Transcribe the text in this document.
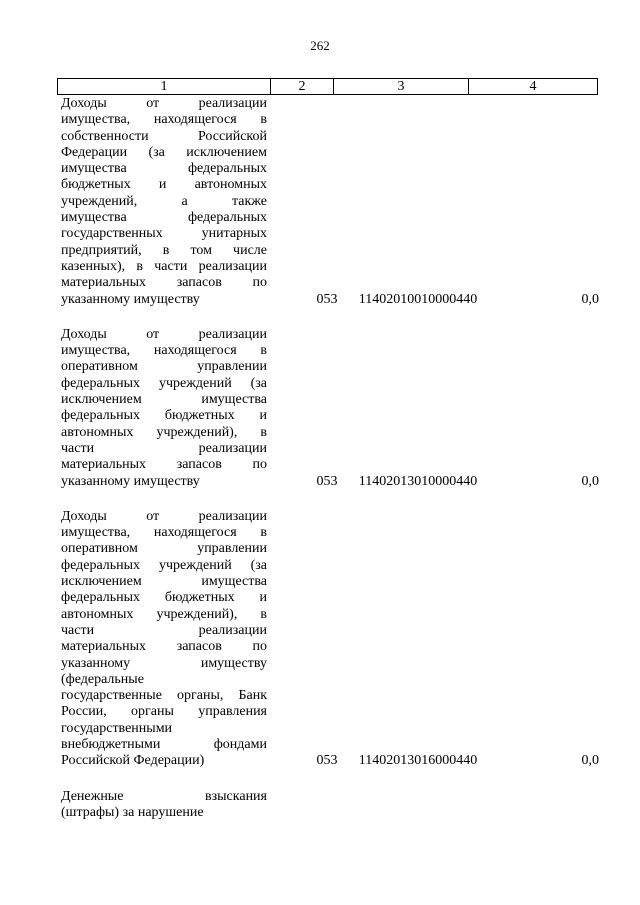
262
1	2	3	4
Доходы от реализации
имущества, находящегося в
собственности Российской
Федерации (за исключением
имущества федеральных
бюджетных и автономных
учреждений, а также
имущества федеральных
государственных унитарных
предприятий, в том числе
казенных), в части реализации
материальных запасов по
указанному имуществу	053	11402010010000440	0,0
Доходы от реализации
имущества, находящегося в
оперативном управлении
федеральных учреждений (за
исключением имущества
федеральных бюджетных и
автономных учреждений), в
части реализации
материальных запасов по
указанному имуществу	053	11402013010000440	0,0
Доходы от реализации
имущества, находящегося в
оперативном управлении
федеральных учреждений (за
исключением имущества
федеральных бюджетных и
автономных учреждений), в
части реализации
материальных запасов по
указанному имуществу
(федеральные
государственные органы, Банк
России, органы управления
государственными
внебюджетными фондами
Российской Федерации)	053	11402013016000440	0,0
Денежные взыскания
(штрафы) за нарушение
